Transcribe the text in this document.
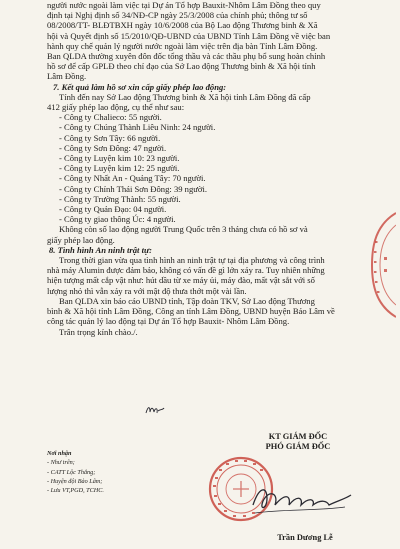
người nước ngoài làm việc tại Dự án Tổ hợp Bauxit-Nhôm Lâm Đồng theo quy
định tại Nghị định số 34/NĐ-CP ngày 25/3/2008 của chính phủ; thông tư số
08/2008/TT- BLĐTBXH ngày 10/6/2008 của Bộ Lao động Thương binh & Xã
hội và Quyết định số 15/2010/QĐ-UBND của UBND Tỉnh Lâm Đồng về việc ban
hành quy chế quản lý người nước ngoài làm việc trên địa bàn Tỉnh Lâm Đồng.
Ban QLDA thường xuyên đôn đốc tổng thầu và các thầu phụ bổ sung hoàn chỉnh
hồ sơ để cấp GPLĐ theo chỉ đạo của Sở Lao động Thương bình & Xã hội tỉnh
Lâm Đồng.
7. Kết quả làm hồ sơ xin cấp giấy phép lao động:
Tính đến nay Sở Lao động Thương bình & Xã hội tỉnh Lâm Đồng đã cấp
412 giấy phép lao động, cụ thể như sau:
- Công ty Chalieco: 55 người.
- Công ty Chúng Thành Liêu Ninh: 24 người.
- Công ty Sơn Tây: 66 người.
- Công ty Sơn Đông: 47 người.
- Công ty Luyện kim 10: 23 người.
- Công ty Luyện kim 12: 25 người.
- Công ty Nhất An - Quảng Tây: 70 người.
- Công ty Chính Thái Sơn Đông: 39 người.
- Công ty Trường Thành: 55 người.
- Công ty Quản Đạo: 04 người.
- Công ty giao thông Úc: 4 người.
Không còn số lao động người Trung Quốc trên 3 tháng chưa có hồ sơ và
giấy phép lao động.
8. Tình hình An ninh trật tự:
Trong thời gian vừa qua tình hình an ninh trật tự tại địa phương và công trình
nhà máy Alumin được đảm bảo, không có vấn đề gì lớn xảy ra. Tuy nhiên những
hiện tượng mất cắp vật như: hút dầu từ xe máy ủi, máy đào, mất vật sắt với số
lượng nhỏ thì vẫn xảy ra với mật độ thưa thớt một vài lần.
Ban QLDA xin báo cáo UBND tỉnh, Tập đoàn TKV, Sở Lao động Thương
bình & Xã hội tỉnh Lâm Đồng, Công an tỉnh Lâm Đồng, UBND huyện Bảo Lâm về
công tác quản lý lao động tại Dự án Tổ hợp Bauxit- Nhôm Lâm Đồng.
Trân trọng kính chào./.
Nơi nhận
- Như trên;
- CATT Lộc Thắng;
- Huyện đội Bảo Lâm;
- Lưu VT,PGD, TCHC.
KT GIÁM ĐỐC
PHÓ GIÁM ĐỐC
Trần Dương Lễ
